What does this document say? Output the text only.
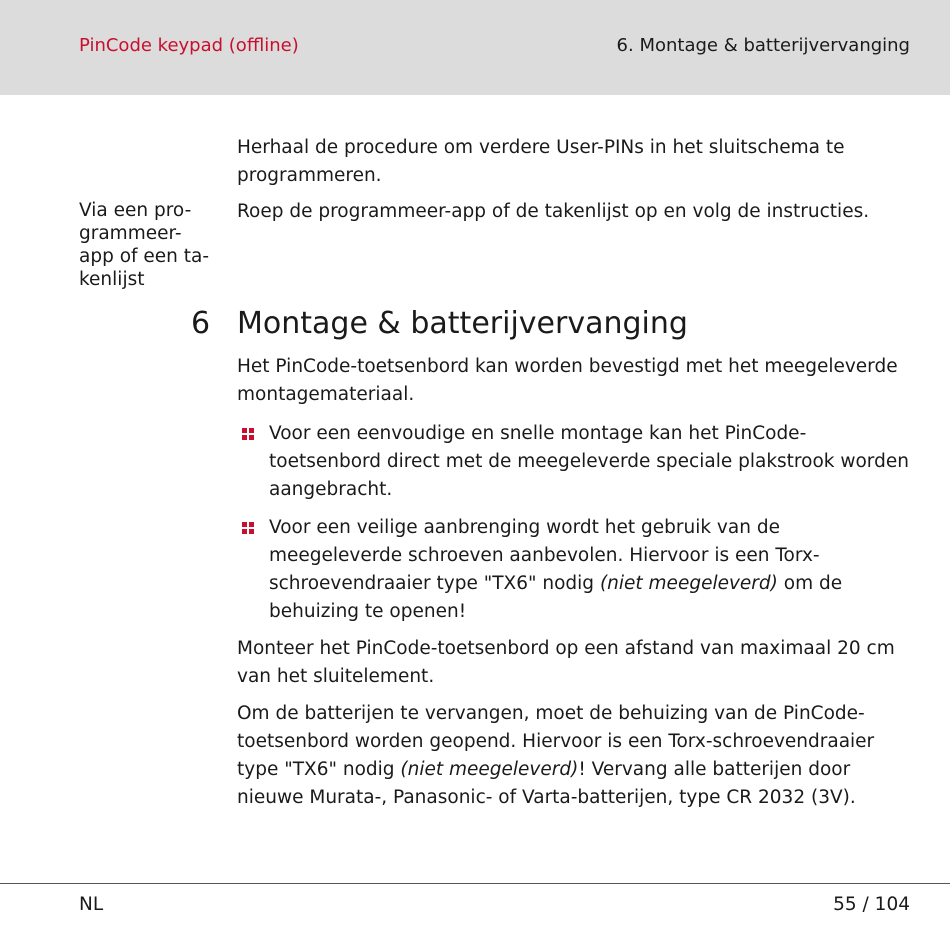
PinCode keypad (offline)	6. Montage & batterijvervanging
Herhaal de procedure om verdere User-PINs in het sluitschema te programmeren.
Via een pro-
grammeer-
app of een ta-
kenlijst
Roep de programmeer-app of de takenlijst op en volg de instructies.
6 Montage & batterijvervanging
Het PinCode-toetsenbord kan worden bevestigd met het meegeleverde montagemateriaal.
Voor een eenvoudige en snelle montage kan het PinCode-toetsenbord direct met de meegeleverde speciale plakstrook worden aangebracht.
Voor een veilige aanbrenging wordt het gebruik van de meegeleverde schroeven aanbevolen. Hiervoor is een Torx-schroevendraaier type "TX6" nodig (niet meegeleverd) om de behuizing te openen!
Monteer het PinCode-toetsenbord op een afstand van maximaal 20 cm van het sluitelement.
Om de batterijen te vervangen, moet de behuizing van de PinCode-toetsenbord worden geopend. Hiervoor is een Torx-schroevendraaier type "TX6" nodig (niet meegeleverd)! Vervang alle batterijen door nieuwe Murata-, Panasonic- of Varta-batterijen, type CR 2032 (3V).
NL	55 / 104
